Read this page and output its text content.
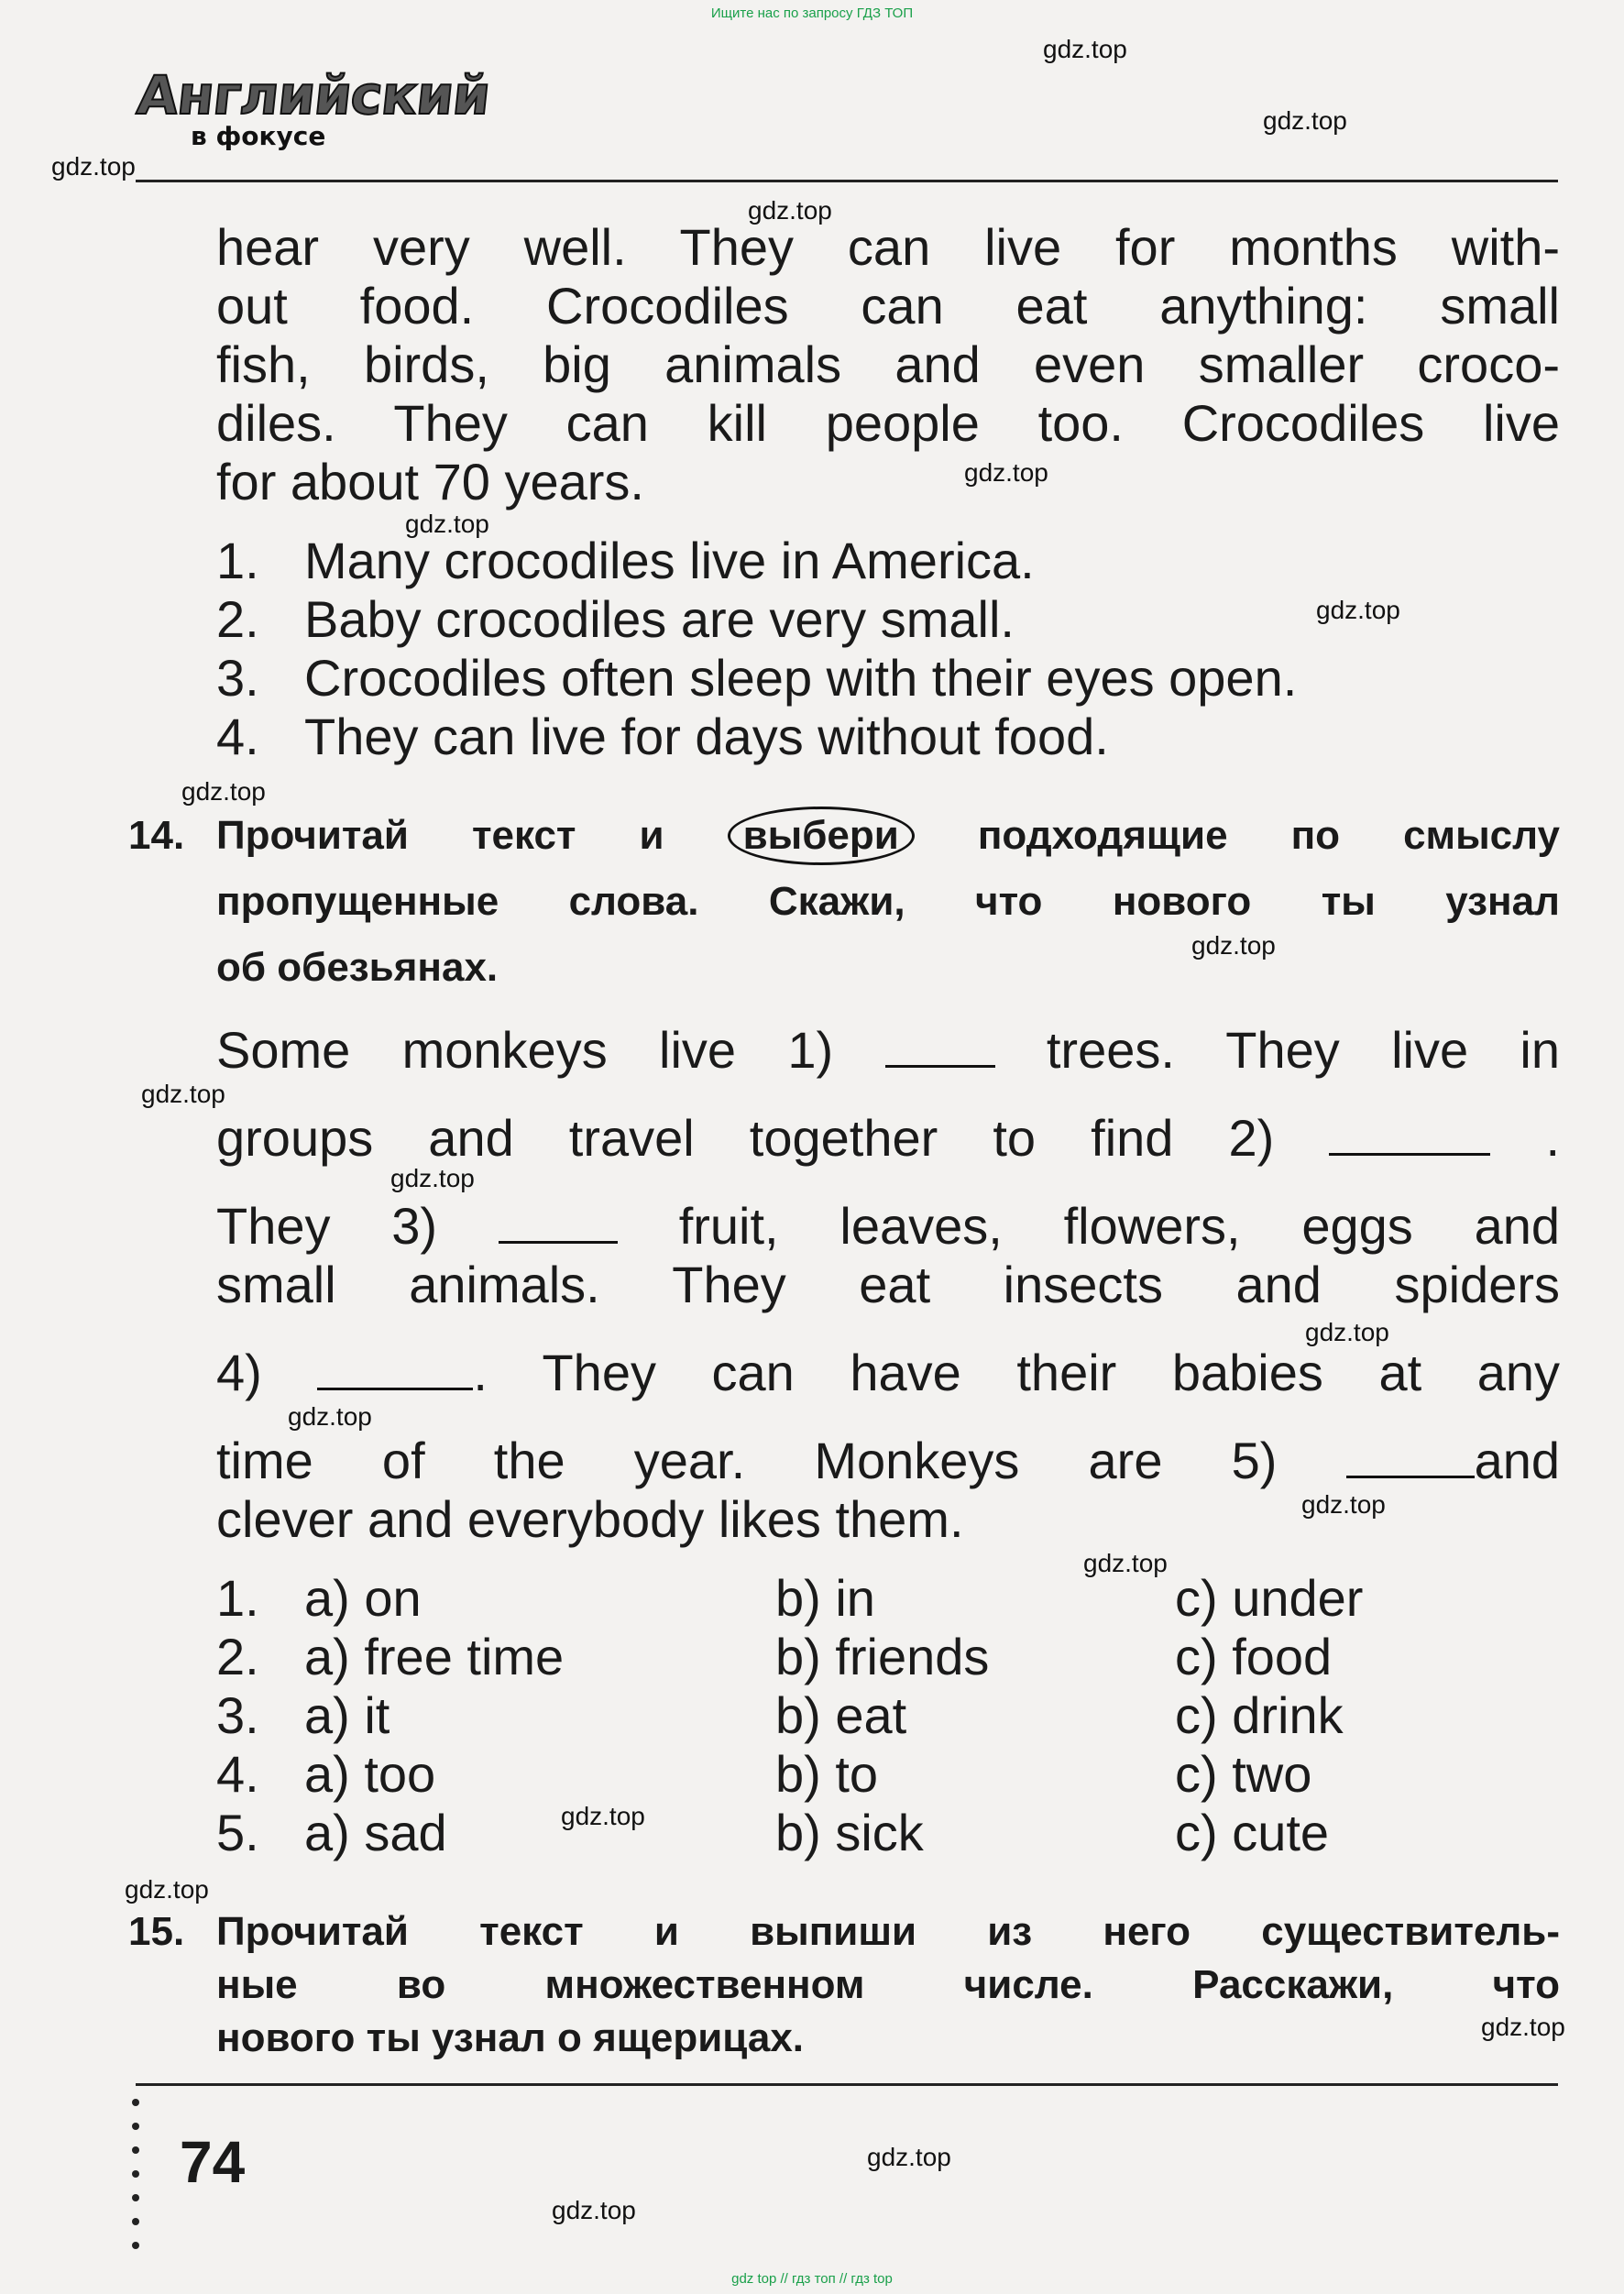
Ищите нас по запросу ГДЗ ТОП
Английский
в фокусе
gdz.top
gdz.top
gdz.top
gdz.top
gdz.top
gdz.top
gdz.top
gdz.top
gdz.top
gdz.top
gdz.top
gdz.top
gdz.top
gdz.top
gdz.top
gdz.top
gdz.top
gdz.top
gdz.top
gdz.top
hear very well. They can live for months with-
out food. Crocodiles can eat anything: small
fish, birds, big animals and even smaller croco-
diles. They can kill people too. Crocodiles live
for about 70 years.
1. Many crocodiles live in America.
2. Baby crocodiles are very small.
3. Crocodiles often sleep with their eyes open.
4. They can live for days without food.
14. Прочитай текст и выбери подходящие по смыслу
пропущенные слова. Скажи, что нового ты узнал
об обезьянах.
Some monkeys live 1)	trees. They live in
groups and travel together to find 2)	.
They 3)	fruit, leaves, flowers, eggs and
small animals. They eat insects and spiders
4)	. They can have their babies at any
time of the year. Monkeys are 5)	and
clever and everybody likes them.
1. a) on	b) in	c) under
2. a) free time	b) friends	c) food
3. a) it	b) eat	c) drink
4. a) too	b) to	c) two
5. a) sad	b) sick	c) cute
15. Прочитай текст и выпиши из него существитель-
ные во множественном числе. Расскажи, что
нового ты узнал о ящерицах.
74
gdz top // гдз топ // гдз top
